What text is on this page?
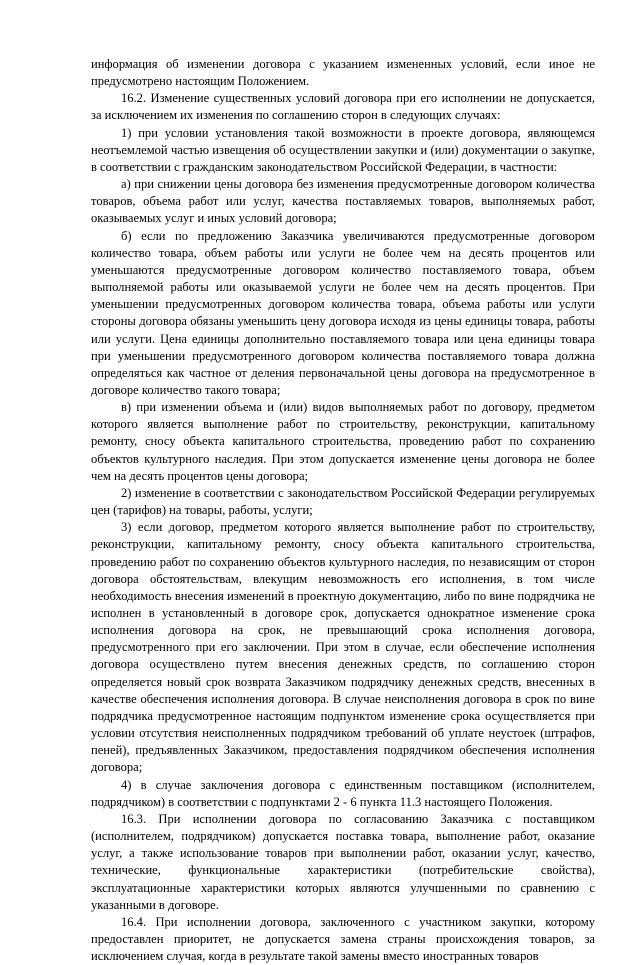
информация об изменении договора с указанием измененных условий, если иное не предусмотрено настоящим Положением.

16.2. Изменение существенных условий договора при его исполнении не допускается, за исключением их изменения по соглашению сторон в следующих случаях:

1) при условии установления такой возможности в проекте договора, являющемся неотъемлемой частью извещения об осуществлении закупки и (или) документации о закупке, в соответствии с гражданским законодательством Российской Федерации, в частности:

а) при снижении цены договора без изменения предусмотренные договором количества товаров, объема работ или услуг, качества поставляемых товаров, выполняемых работ, оказываемых услуг и иных условий договора;

б) если по предложению Заказчика увеличиваются предусмотренные договором количество товара, объем работы или услуги не более чем на десять процентов или уменьшаются предусмотренные договором количество поставляемого товара, объем выполняемой работы или оказываемой услуги не более чем на десять процентов. При уменьшении предусмотренных договором количества товара, объема работы или услуги стороны договора обязаны уменьшить цену договора исходя из цены единицы товара, работы или услуги. Цена единицы дополнительно поставляемого товара или цена единицы товара при уменьшении предусмотренного договором количества поставляемого товара должна определяться как частное от деления первоначальной цены договора на предусмотренное в договоре количество такого товара;

в) при изменении объема и (или) видов выполняемых работ по договору, предметом которого является выполнение работ по строительству, реконструкции, капитальному ремонту, сносу объекта капитального строительства, проведению работ по сохранению объектов культурного наследия. При этом допускается изменение цены договора не более чем на десять процентов цены договора;

2) изменение в соответствии с законодательством Российской Федерации регулируемых цен (тарифов) на товары, работы, услуги;

3) если договор, предметом которого является выполнение работ по строительству, реконструкции, капитальному ремонту, сносу объекта капитального строительства, проведению работ по сохранению объектов культурного наследия, по независящим от сторон договора обстоятельствам, влекущим невозможность его исполнения, в том числе необходимость внесения изменений в проектную документацию, либо по вине подрядчика не исполнен в установленный в договоре срок, допускается однократное изменение срока исполнения договора на срок, не превышающий срока исполнения договора, предусмотренного при его заключении. При этом в случае, если обеспечение исполнения договора осуществлено путем внесения денежных средств, по соглашению сторон определяется новый срок возврата Заказчиком подрядчику денежных средств, внесенных в качестве обеспечения исполнения договора. В случае неисполнения договора в срок по вине подрядчика предусмотренное настоящим подпунктом изменение срока осуществляется при условии отсутствия неисполненных подрядчиком требований об уплате неустоек (штрафов, пеней), предъявленных Заказчиком, предоставления подрядчиком обеспечения исполнения договора;

4) в случае заключения договора с единственным поставщиком (исполнителем, подрядчиком) в соответствии с подпунктами 2 - 6 пункта 11.3 настоящего Положения.

16.3. При исполнении договора по согласованию Заказчика с поставщиком (исполнителем, подрядчиком) допускается поставка товара, выполнение работ, оказание услуг, а также использование товаров при выполнении работ, оказании услуг, качество, технические, функциональные характеристики (потребительские свойства), эксплуатационные характеристики которых являются улучшенными по сравнению с указанными в договоре.

16.4. При исполнении договора, заключенного с участником закупки, которому предоставлен приоритет, не допускается замена страны происхождения товаров, за исключением случая, когда в результате такой замены вместо иностранных товаров
